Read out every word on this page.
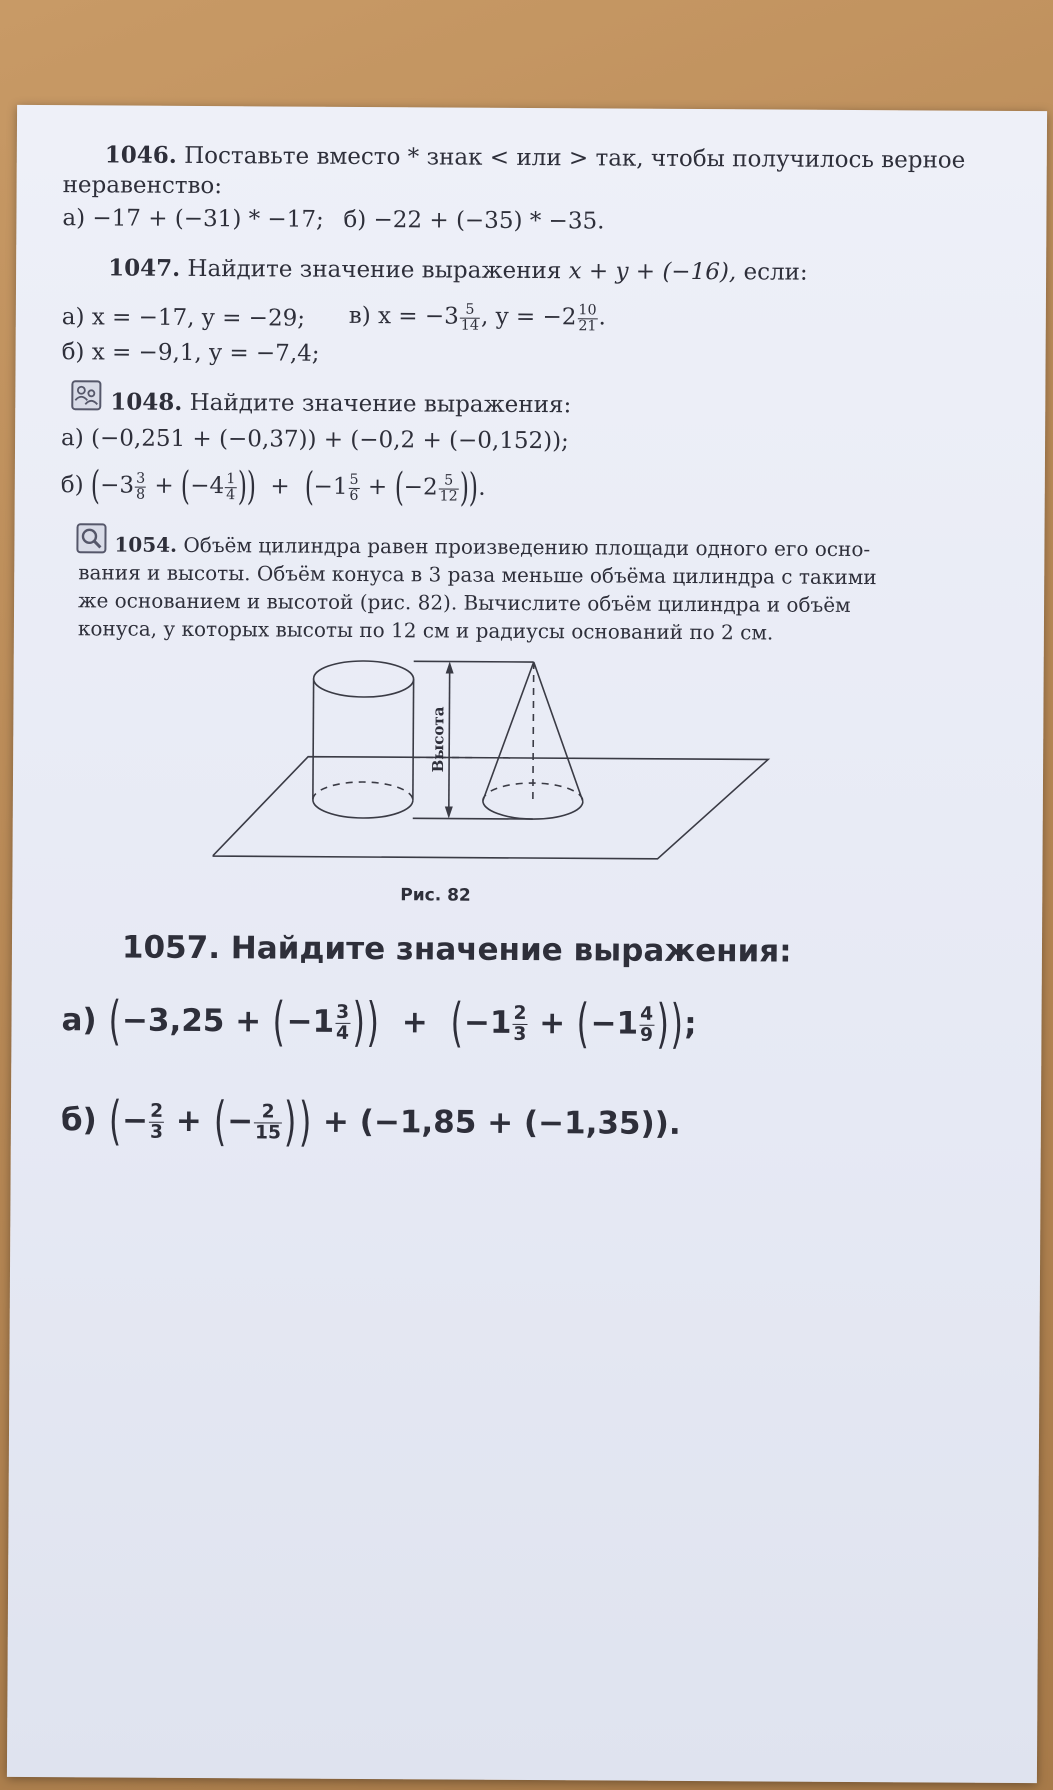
1046. Поставьте вместо * знак < или > так, чтобы получилось верное
неравенство:
а) −17 + (−31) * −17; б) −22 + (−35) * −35.
1047. Найдите значение выражения x + y + (−16), если:
а) x = −17, y = −29; в) $x = -3 \frac{5}{14}$ , $y = -2 \frac{10}{21}$ .
б) x = −9,1, y = −7,4;
1048. Найдите значение выражения:
а) (−0,251 + (−0,37)) + (−0,2 + (−0,152));
б) ($-3 \frac{3}{8} + (-4 \frac{1}{4}$ )) + ($-1 \frac{5}{6} + (-2 \frac{5}{12}$ )).
1054. Объём цилиндра равен произведению площади одного его осно-
вания и высоты. Объём конуса в 3 раза меньше объёма цилиндра с такими
же основанием и высотой (рис. 82). Вычислите объём цилиндра и объём
конуса, у которых высоты по 12 см и радиусы оснований по 2 см.
Высота
Рис. 82
1057. Найдите значение выражения:
а) ($-3,25 + (-1 \frac{3}{4}$ )) + ($-1 \frac{2}{3} + (-1 \frac{4}{9}$ ));
б) (− $\frac{2}{3}$ + (− $\frac{2}{15}$ )) + (−1,85 + (−1,35)).
